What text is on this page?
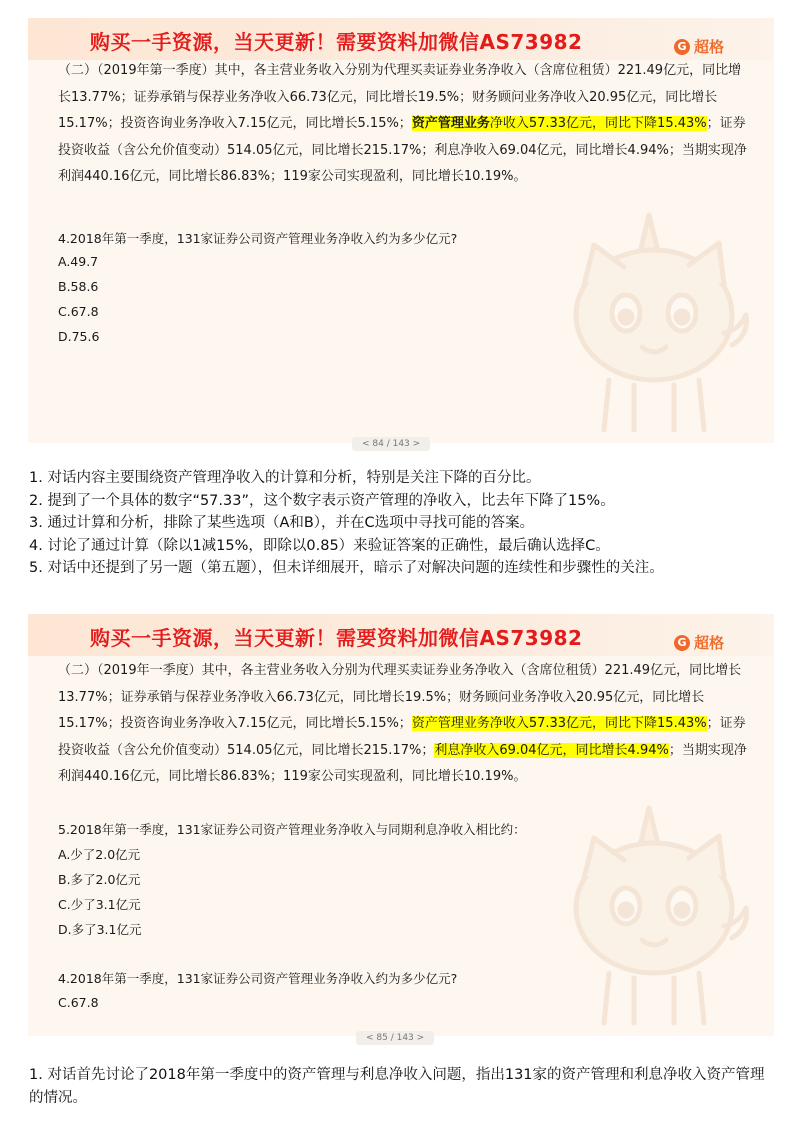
购买一手资源，当天更新！需要资料加微信AS73982	G 超格
（二）（2019年第一季度）其中，各主营业务收入分别为代理买卖证券业务净收入（含席位租赁）221.49亿元，同比增长13.77%；证券承销与保荐业务净收入66.73亿元，同比增长19.5%；财务顾问业务净收入20.95亿元，同比增长15.17%；投资咨询业务净收入7.15亿元，同比增长5.15%；资产管理业务净收入57.33亿元，同比下降15.43%；证券投资收益（含公允价值变动）514.05亿元，同比增长215.17%；利息净收入69.04亿元，同比增长4.94%；当期实现净利润440.16亿元，同比增长86.83%；119家公司实现盈利，同比增长10.19%。
4.2018年第一季度，131家证券公司资产管理业务净收入约为多少亿元?
A.49.7
B.58.6
C.67.8
D.75.6
< 84 / 143 >
1. 对话内容主要围绕资产管理净收入的计算和分析，特别是关注下降的百分比。
2. 提到了一个具体的数字“57.33”，这个数字表示资产管理的净收入，比去年下降了15%。
3. 通过计算和分析，排除了某些选项（A和B），并在C选项中寻找可能的答案。
4. 讨论了通过计算（除以1减15%，即除以0.85）来验证答案的正确性，最后确认选择C。
5. 对话中还提到了另一题（第五题），但未详细展开，暗示了对解决问题的连续性和步骤性的关注。
购买一手资源，当天更新！需要资料加微信AS73982	G 超格
（二）（2019年一季度）其中，各主营业务收入分别为代理买卖证券业务净收入（含席位租赁）221.49亿元，同比增长13.77%；证券承销与保荐业务净收入66.73亿元，同比增长19.5%；财务顾问业务净收入20.95亿元，同比增长15.17%；投资咨询业务净收入7.15亿元，同比增长5.15%；资产管理业务净收入57.33亿元，同比下降15.43%；证券投资收益（含公允价值变动）514.05亿元，同比增长215.17%；利息净收入69.04亿元，同比增长4.94%；当期实现净利润440.16亿元，同比增长86.83%；119家公司实现盈利，同比增长10.19%。
5.2018年第一季度，131家证券公司资产管理业务净收入与同期利息净收入相比约：
A.少了2.0亿元
B.多了2.0亿元
C.少了3.1亿元
D.多了3.1亿元
4.2018年第一季度，131家证券公司资产管理业务净收入约为多少亿元?
C.67.8
< 85 / 143 >
1. 对话首先讨论了2018年第一季度中的资产管理与利息净收入问题，指出131家的资产管理和利息净收入资产管理的情况。
